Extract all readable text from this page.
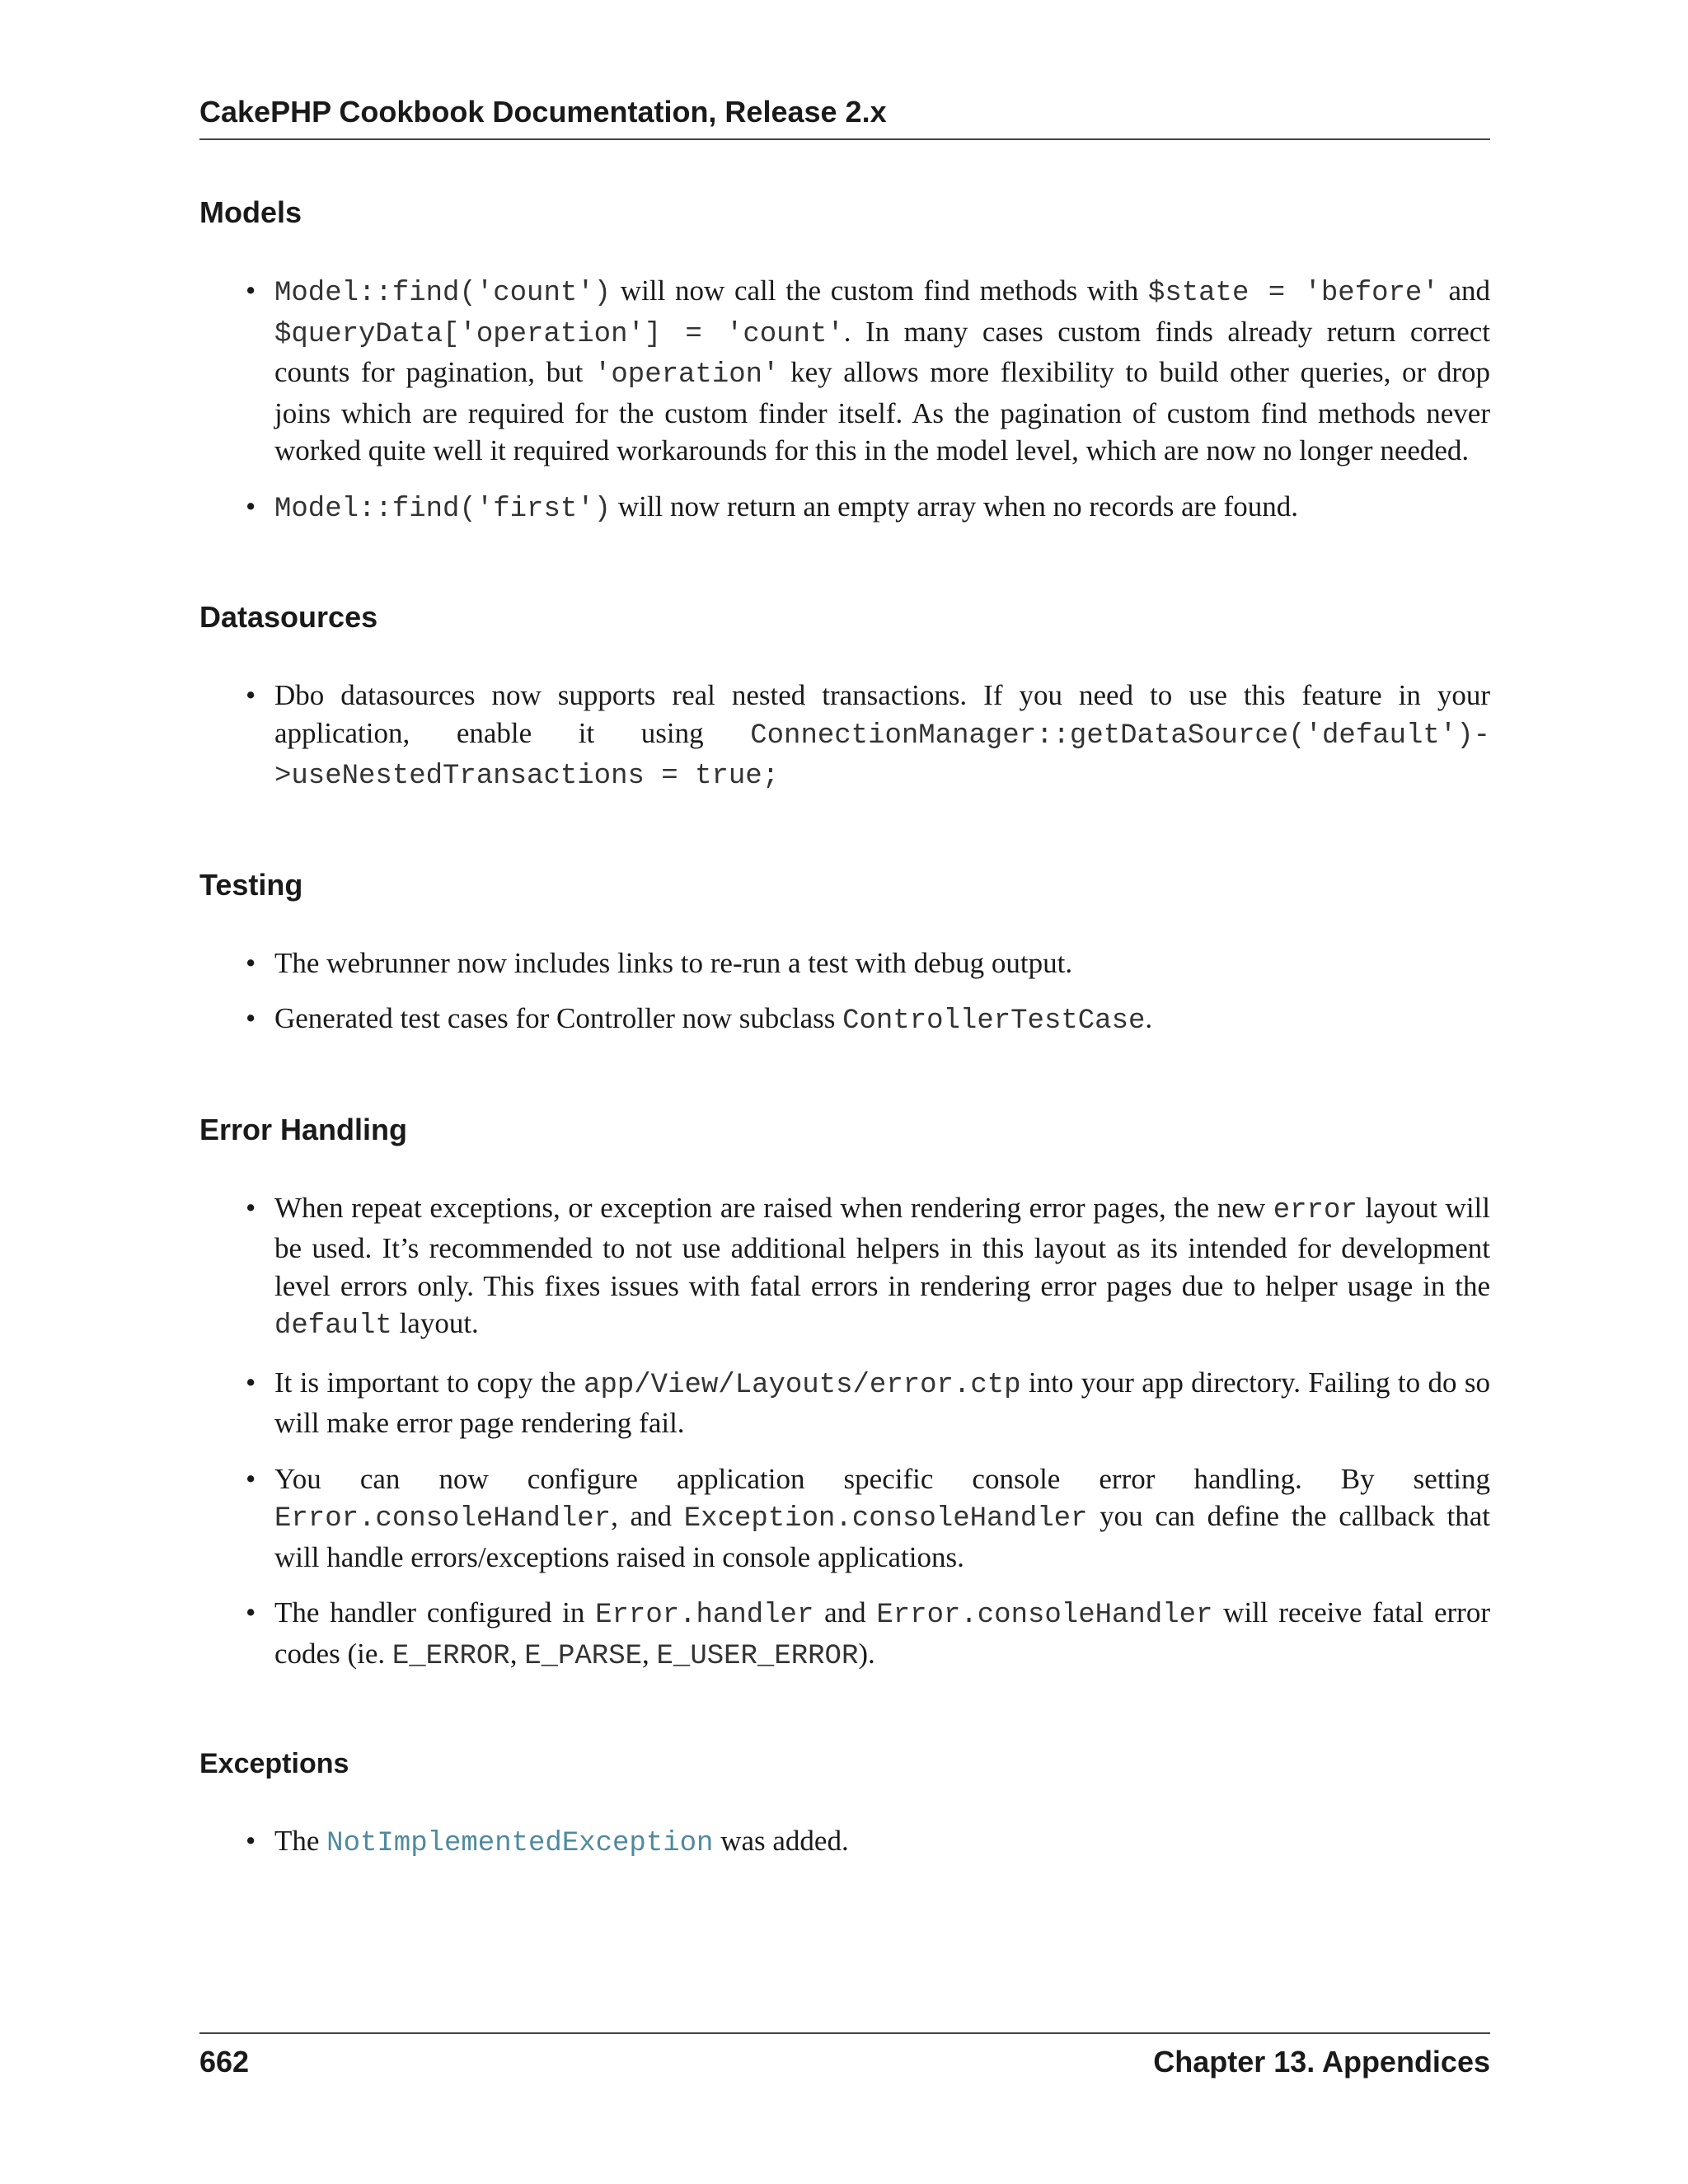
CakePHP Cookbook Documentation, Release 2.x
Models
• Model::find('count') will now call the custom find methods with $state = 'before' and $queryData['operation'] = 'count'. In many cases custom finds already return correct counts for pagination, but 'operation' key allows more flexibility to build other queries, or drop joins which are required for the custom finder itself. As the pagination of custom find methods never worked quite well it required workarounds for this in the model level, which are now no longer needed.
• Model::find('first') will now return an empty array when no records are found.
Datasources
• Dbo datasources now supports real nested transactions. If you need to use this feature in your application, enable it using ConnectionManager::getDataSource('default')->useNestedTransactions = true;
Testing
• The webrunner now includes links to re-run a test with debug output.
• Generated test cases for Controller now subclass ControllerTestCase.
Error Handling
• When repeat exceptions, or exception are raised when rendering error pages, the new error layout will be used. It’s recommended to not use additional helpers in this layout as its intended for development level errors only. This fixes issues with fatal errors in rendering error pages due to helper usage in the default layout.
• It is important to copy the app/View/Layouts/error.ctp into your app directory. Failing to do so will make error page rendering fail.
• You can now configure application specific console error handling. By setting Error.consoleHandler, and Exception.consoleHandler you can define the callback that will handle errors/exceptions raised in console applications.
• The handler configured in Error.handler and Error.consoleHandler will receive fatal error codes (ie. E_ERROR, E_PARSE, E_USER_ERROR).
Exceptions
• The NotImplementedException was added.
662	Chapter 13. Appendices
